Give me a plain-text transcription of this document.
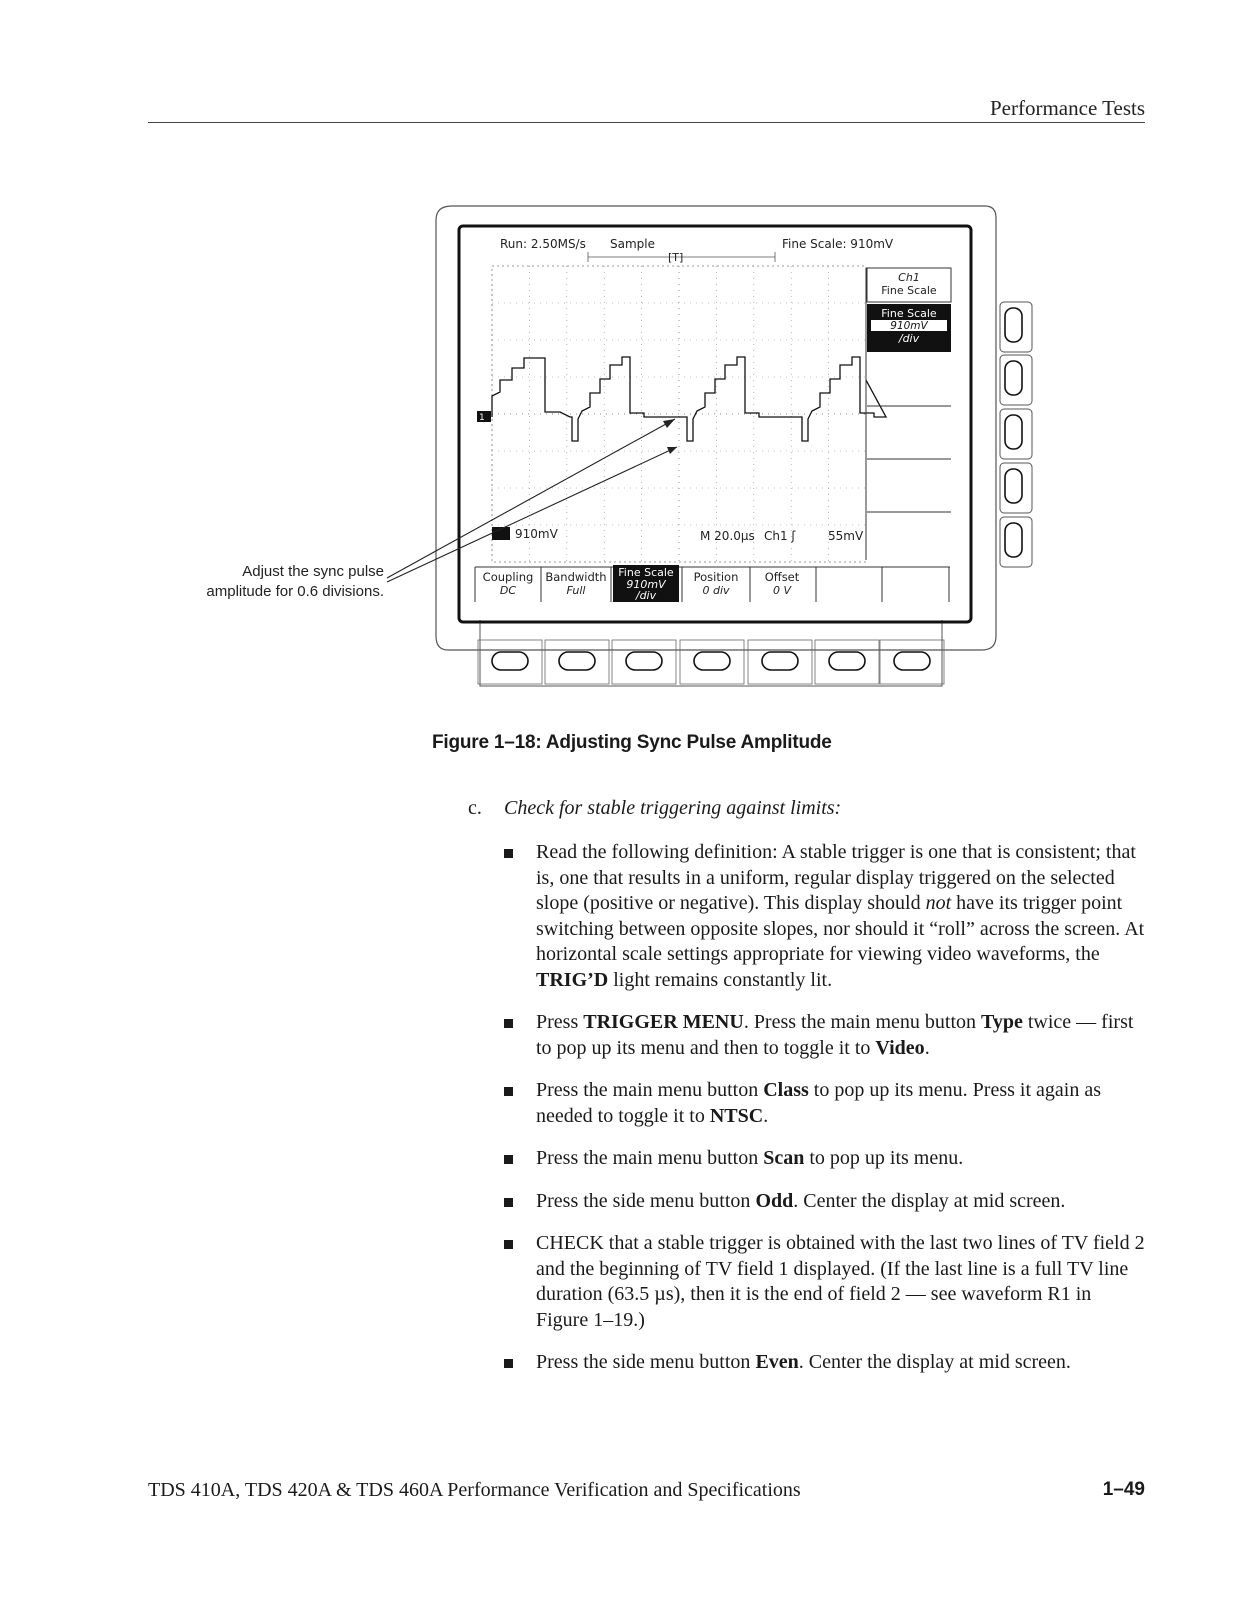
Performance Tests
Run: 2.50MS/s Sample	Fine Scale: 910mV
[T]
1
910mV	M 20.0µs Ch1 ʃ	55mV
Ch1
Fine Scale
Fine Scale
910mV
/div
Coupling
DC
Bandwidth
Full
Fine Scale
910mV
/div
Position
0 div
Offset
0 V
Adjust the sync pulse
amplitude for 0.6 divisions.
Figure 1–18: Adjusting Sync Pulse Amplitude
c. Check for stable triggering against limits:
Read the following definition: A stable trigger is one that is consistent; that is, one that results in a uniform, regular display triggered on the selected slope (positive or negative). This display should not have its trigger point switching between opposite slopes, nor should it “roll” across the screen. At horizontal scale settings appropriate for viewing video waveforms, the TRIG’D light remains constantly lit.
Press TRIGGER MENU. Press the main menu button Type twice — first to pop up its menu and then to toggle it to Video.
Press the main menu button Class to pop up its menu. Press it again as needed to toggle it to NTSC.
Press the main menu button Scan to pop up its menu.
Press the side menu button Odd. Center the display at mid screen.
CHECK that a stable trigger is obtained with the last two lines of TV field 2 and the beginning of TV field 1 displayed. (If the last line is a full TV line duration (63.5 µs), then it is the end of field 2 — see waveform R1 in Figure 1–19.)
Press the side menu button Even. Center the display at mid screen.
TDS 410A, TDS 420A & TDS 460A Performance Verification and Specifications	1–49
